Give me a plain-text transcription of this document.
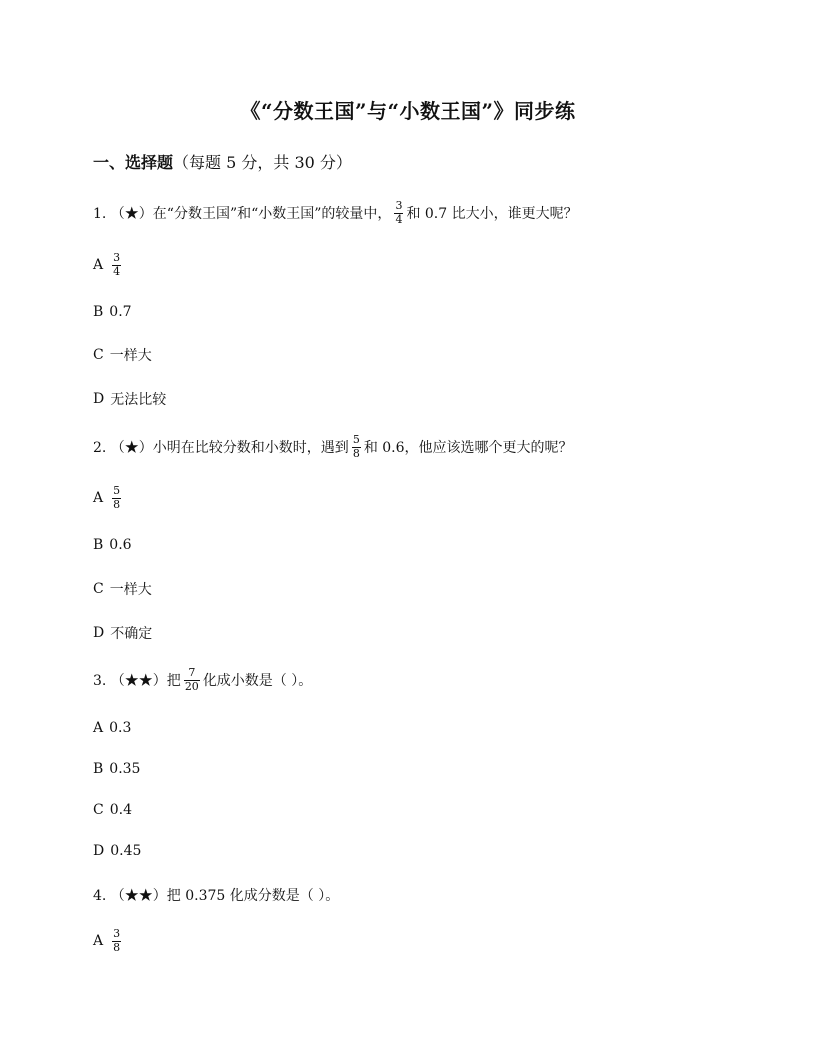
《“分数王国”与“小数王国”》同步练
一、选择题（每题 5 分，共 30 分）
1. （★）在“分数王国”和“小数王国”的较量中， $\frac{3}{4}$ 和 0.7 比大小，谁更大呢？
A $\frac{3}{4}$
B 0.7
C 一样大
D 无法比较
2. （★）小明在比较分数和小数时，遇到 $\frac{5}{8}$ 和 0.6，他应该选哪个更大的呢？
A $\frac{5}{8}$
B 0.6
C 一样大
D 不确定
3. （★★）把 $\frac{7}{20}$ 化成小数是（ ）。
A 0.3
B 0.35
C 0.4
D 0.45
4. （★★）把 0.375 化成分数是（ ）。
A $\frac{3}{8}$
